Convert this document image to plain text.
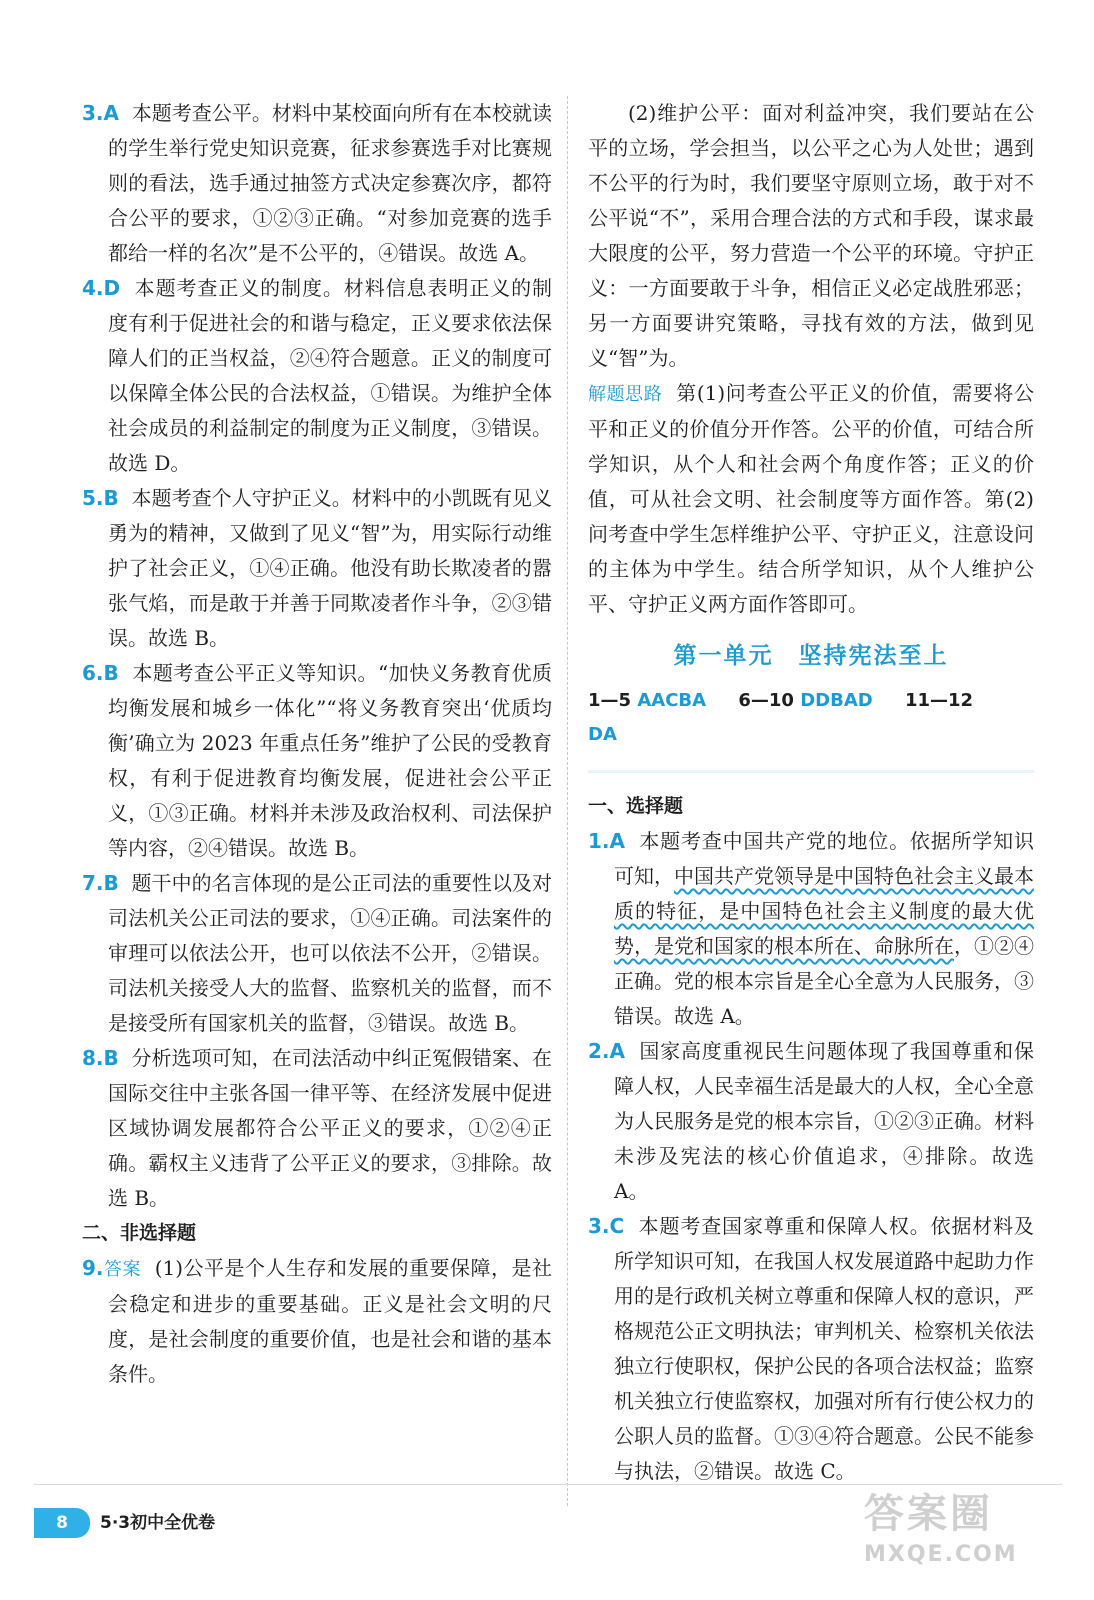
3.A 本题考查公平。材料中某校面向所有在本校就读的学生举行党史知识竞赛，征求参赛选手对比赛规则的看法，选手通过抽签方式决定参赛次序，都符合公平的要求，①②③正确。“对参加竞赛的选手都给一样的名次”是不公平的，④错误。故选 A。

4.D 本题考查正义的制度。材料信息表明正义的制度有利于促进社会的和谐与稳定，正义要求依法保障人们的正当权益，②④符合题意。正义的制度可以保障全体公民的合法权益，①错误。为维护全体社会成员的利益制定的制度为正义制度，③错误。故选 D。

5.B 本题考查个人守护正义。材料中的小凯既有见义勇为的精神，又做到了见义“智”为，用实际行动维护了社会正义，①④正确。他没有助长欺凌者的嚣张气焰，而是敢于并善于同欺凌者作斗争，②③错误。故选 B。

6.B 本题考查公平正义等知识。“加快义务教育优质均衡发展和城乡一体化”“将义务教育突出‘优质均衡’确立为 2023 年重点任务”维护了公民的受教育权，有利于促进教育均衡发展，促进社会公平正义，①③正确。材料并未涉及政治权利、司法保护等内容，②④错误。故选 B。

7.B 题干中的名言体现的是公正司法的重要性以及对司法机关公正司法的要求，①④正确。司法案件的审理可以依法公开，也可以依法不公开，②错误。司法机关接受人大的监督、监察机关的监督，而不是接受所有国家机关的监督，③错误。故选 B。

8.B 分析选项可知，在司法活动中纠正冤假错案、在国际交往中主张各国一律平等、在经济发展中促进区域协调发展都符合公平正义的要求，①②④正确。霸权主义违背了公平正义的要求，③排除。故选 B。

二、非选择题

9.答案 (1)公平是个人生存和发展的重要保障，是社会稳定和进步的重要基础。正义是社会文明的尺度，是社会制度的重要价值，也是社会和谐的基本条件。

(2)维护公平：面对利益冲突，我们要站在公平的立场，学会担当，以公平之心为人处世；遇到不公平的行为时，我们要坚守原则立场，敢于对不公平说“不”，采用合理合法的方式和手段，谋求最大限度的公平，努力营造一个公平的环境。守护正义：一方面要敢于斗争，相信正义必定战胜邪恶；另一方面要讲究策略，寻找有效的方法，做到见义“智”为。

解题思路 第(1)问考查公平正义的价值，需要将公平和正义的价值分开作答。公平的价值，可结合所学知识，从个人和社会两个角度作答；正义的价值，可从社会文明、社会制度等方面作答。第(2)问考查中学生怎样维护公平、守护正义，注意设问的主体为中学生。结合所学知识，从个人维护公平、守护正义两方面作答即可。

第一单元　坚持宪法至上

1—5 AACBA 6—10 DDBAD 11—12 DA

一、选择题

1.A 本题考查中国共产党的地位。依据所学知识可知，中国共产党领导是中国特色社会主义最本质的特征，是中国特色社会主义制度的最大优势，是党和国家的根本所在、命脉所在，①②④正确。党的根本宗旨是全心全意为人民服务，③错误。故选 A。

2.A 国家高度重视民生问题体现了我国尊重和保障人权，人民幸福生活是最大的人权，全心全意为人民服务是党的根本宗旨，①②③正确。材料未涉及宪法的核心价值追求，④排除。故选 A。

3.C 本题考查国家尊重和保障人权。依据材料及所学知识可知，在我国人权发展道路中起助力作用的是行政机关树立尊重和保障人权的意识，严格规范公正文明执法；审判机关、检察机关依法独立行使职权，保护公民的各项合法权益；监察机关独立行使监察权，加强对所有行使公权力的公职人员的监督。①③④符合题意。公民不能参与执法，②错误。故选 C。

8	5·3初中全优卷	答案圈
MXQE.COM
